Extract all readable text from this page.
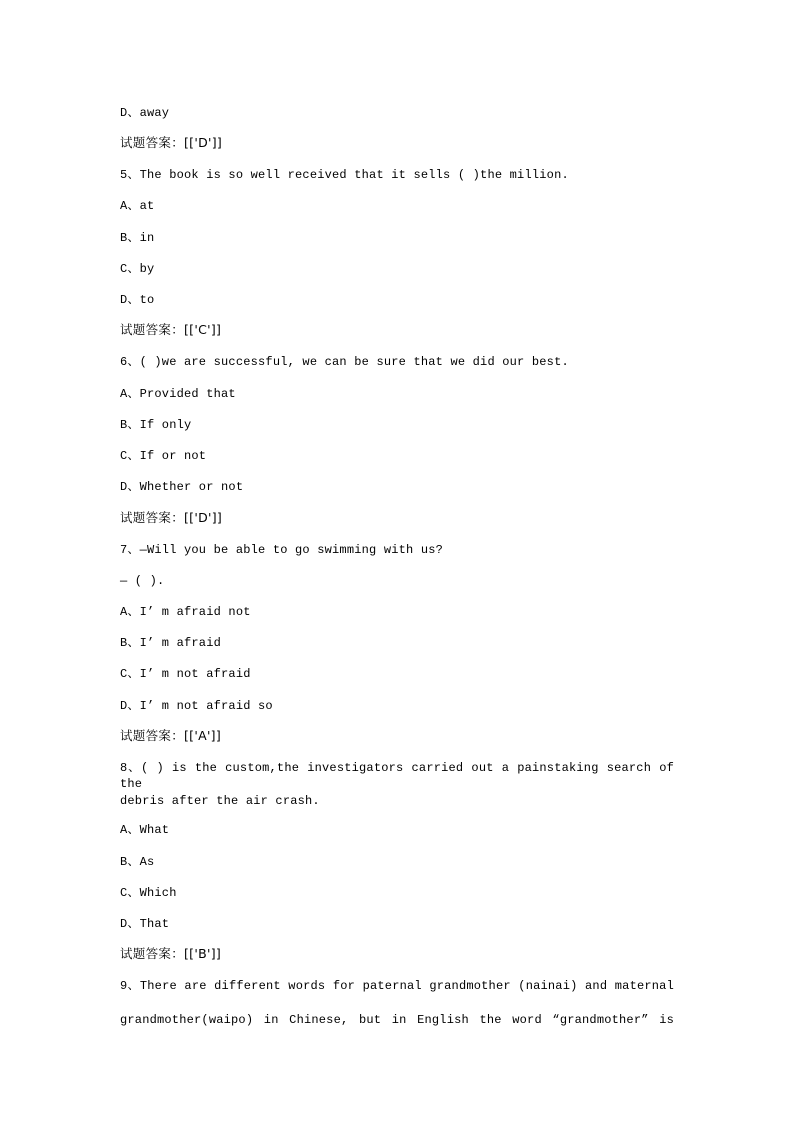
D、away
试题答案：[['D']]
5、The book is so well received that it sells ( )the million.
A、at
B、in
C、by
D、to
试题答案：[['C']]
6、( )we are successful, we can be sure that we did our best.
A、Provided that
B、If only
C、If or not
D、Whether or not
试题答案：[['D']]
7、—Will you be able to go swimming with us?
— ( ).
A、I’ m afraid not
B、I’ m afraid
C、I’ m not afraid
D、I’ m not afraid so
试题答案：[['A']]
8、( ) is the custom,the investigators carried out a painstaking search of the
debris after the air crash.
A、What
B、As
C、Which
D、That
试题答案：[['B']]
9、There are different words for paternal grandmother (nainai) and maternal
grandmother(waipo) in Chinese, but in English the word “grandmother” is
